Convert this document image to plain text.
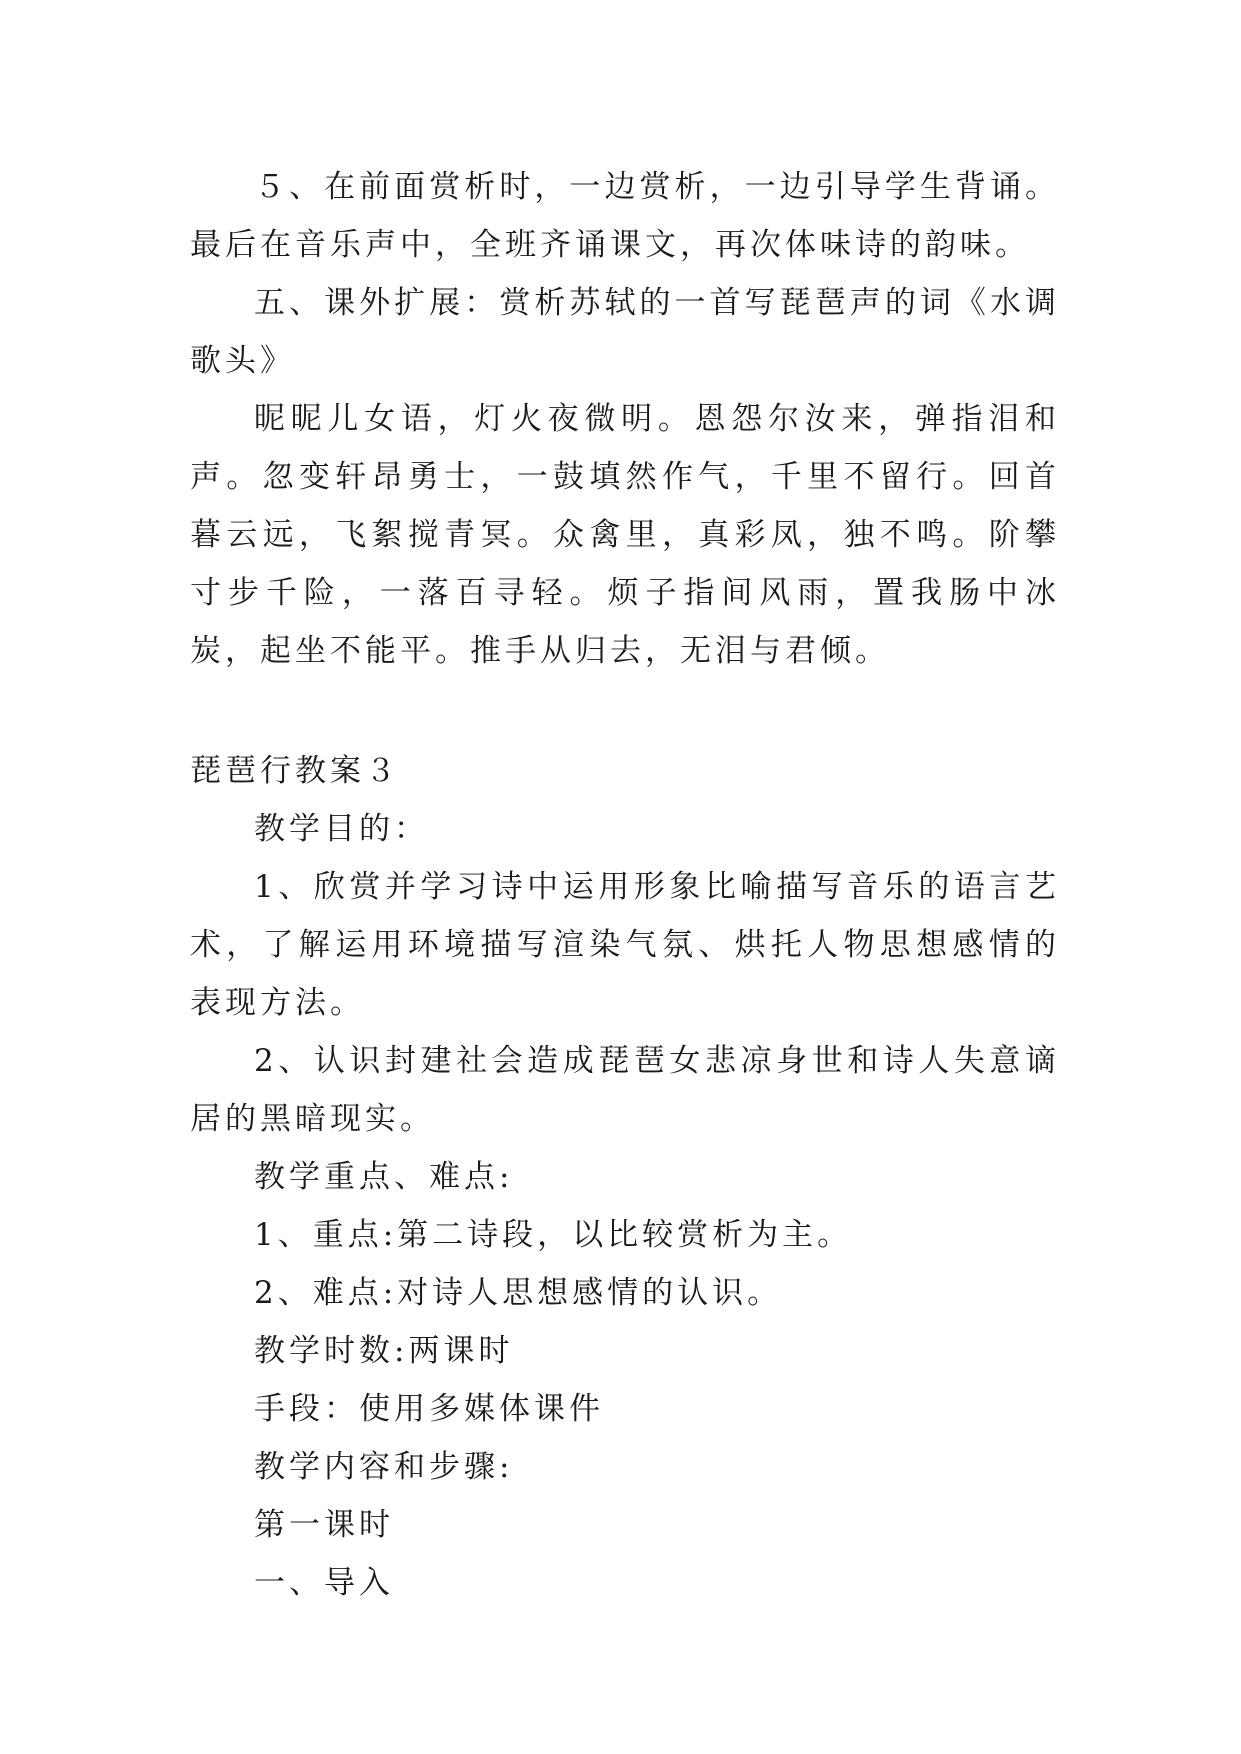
５、在前面赏析时，一边赏析，一边引导学生背诵。最后在音乐声中，全班齐诵课文，再次体味诗的韵味。

五、课外扩展：赏析苏轼的一首写琵琶声的词《水调歌头》

昵昵儿女语，灯火夜微明。恩怨尔汝来，弹指泪和声。忽变轩昂勇士，一鼓填然作气，千里不留行。回首暮云远，飞絮搅青冥。众禽里，真彩凤，独不鸣。阶攀寸步千险，一落百寻轻。烦子指间风雨，置我肠中冰炭，起坐不能平。推手从归去，无泪与君倾。

琵琶行教案３

教学目的：

1、欣赏并学习诗中运用形象比喻描写音乐的语言艺术，了解运用环境描写渲染气氛、烘托人物思想感情的表现方法。

2、认识封建社会造成琵琶女悲凉身世和诗人失意谪居的黑暗现实。

教学重点、难点:

1、重点:第二诗段，以比较赏析为主。

2、难点:对诗人思想感情的认识。

教学时数:两课时

手段：使用多媒体课件

教学内容和步骤:

第一课时

一、导入
